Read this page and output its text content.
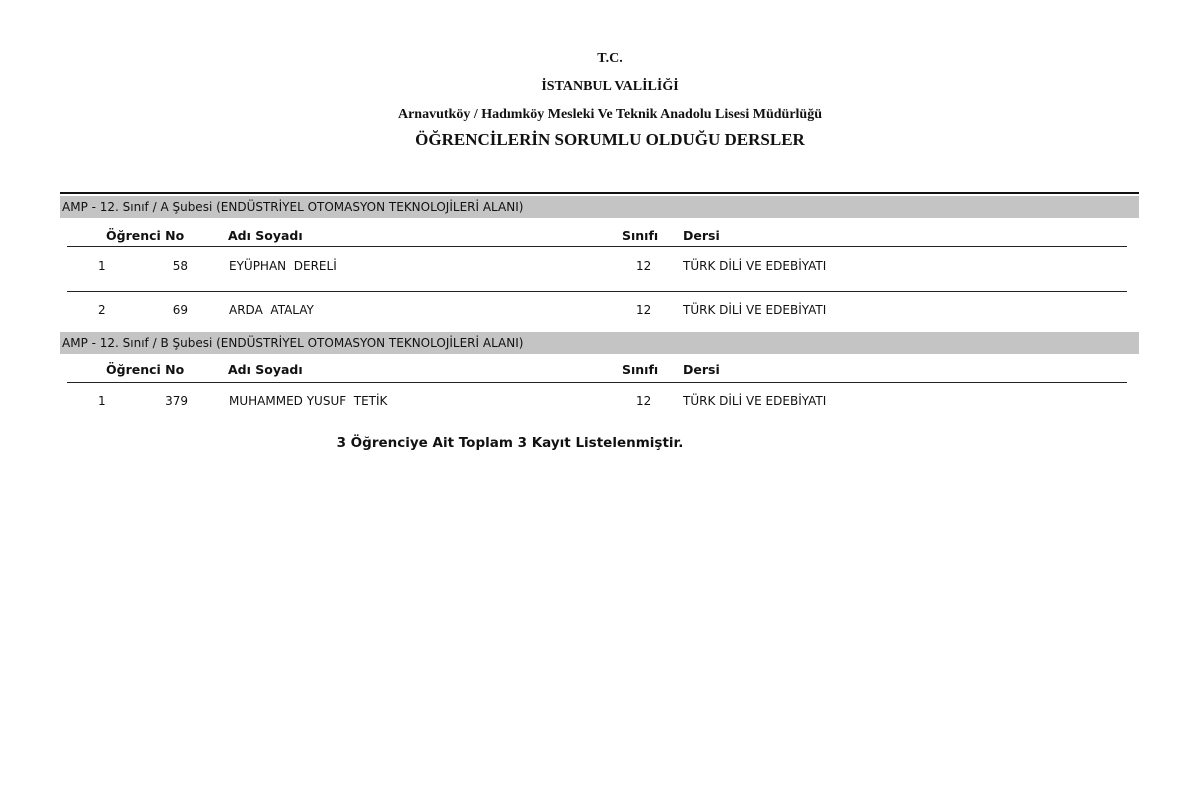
T.C.
İSTANBUL VALİLİĞİ
Arnavutköy / Hadımköy Mesleki Ve Teknik Anadolu Lisesi Müdürlüğü
ÖĞRENCİLERİN SORUMLU OLDUĞU DERSLER
AMP - 12. Sınıf / A Şubesi (ENDÜSTRİYEL OTOMASYON TEKNOLOJİLERİ ALANI)
Öğrenci No	Adı Soyadı	Sınıfı Dersi
1	58	EYÜPHAN  DERELİ	12	TÜRK DİLİ VE EDEBİYATI
2	69	ARDA  ATALAY	12	TÜRK DİLİ VE EDEBİYATI
AMP - 12. Sınıf / B Şubesi (ENDÜSTRİYEL OTOMASYON TEKNOLOJİLERİ ALANI)
Öğrenci No	Adı Soyadı	Sınıfı Dersi
1	379	MUHAMMED YUSUF  TETİK	12	TÜRK DİLİ VE EDEBİYATI
3 Öğrenciye Ait Toplam 3 Kayıt Listelenmiştir.
